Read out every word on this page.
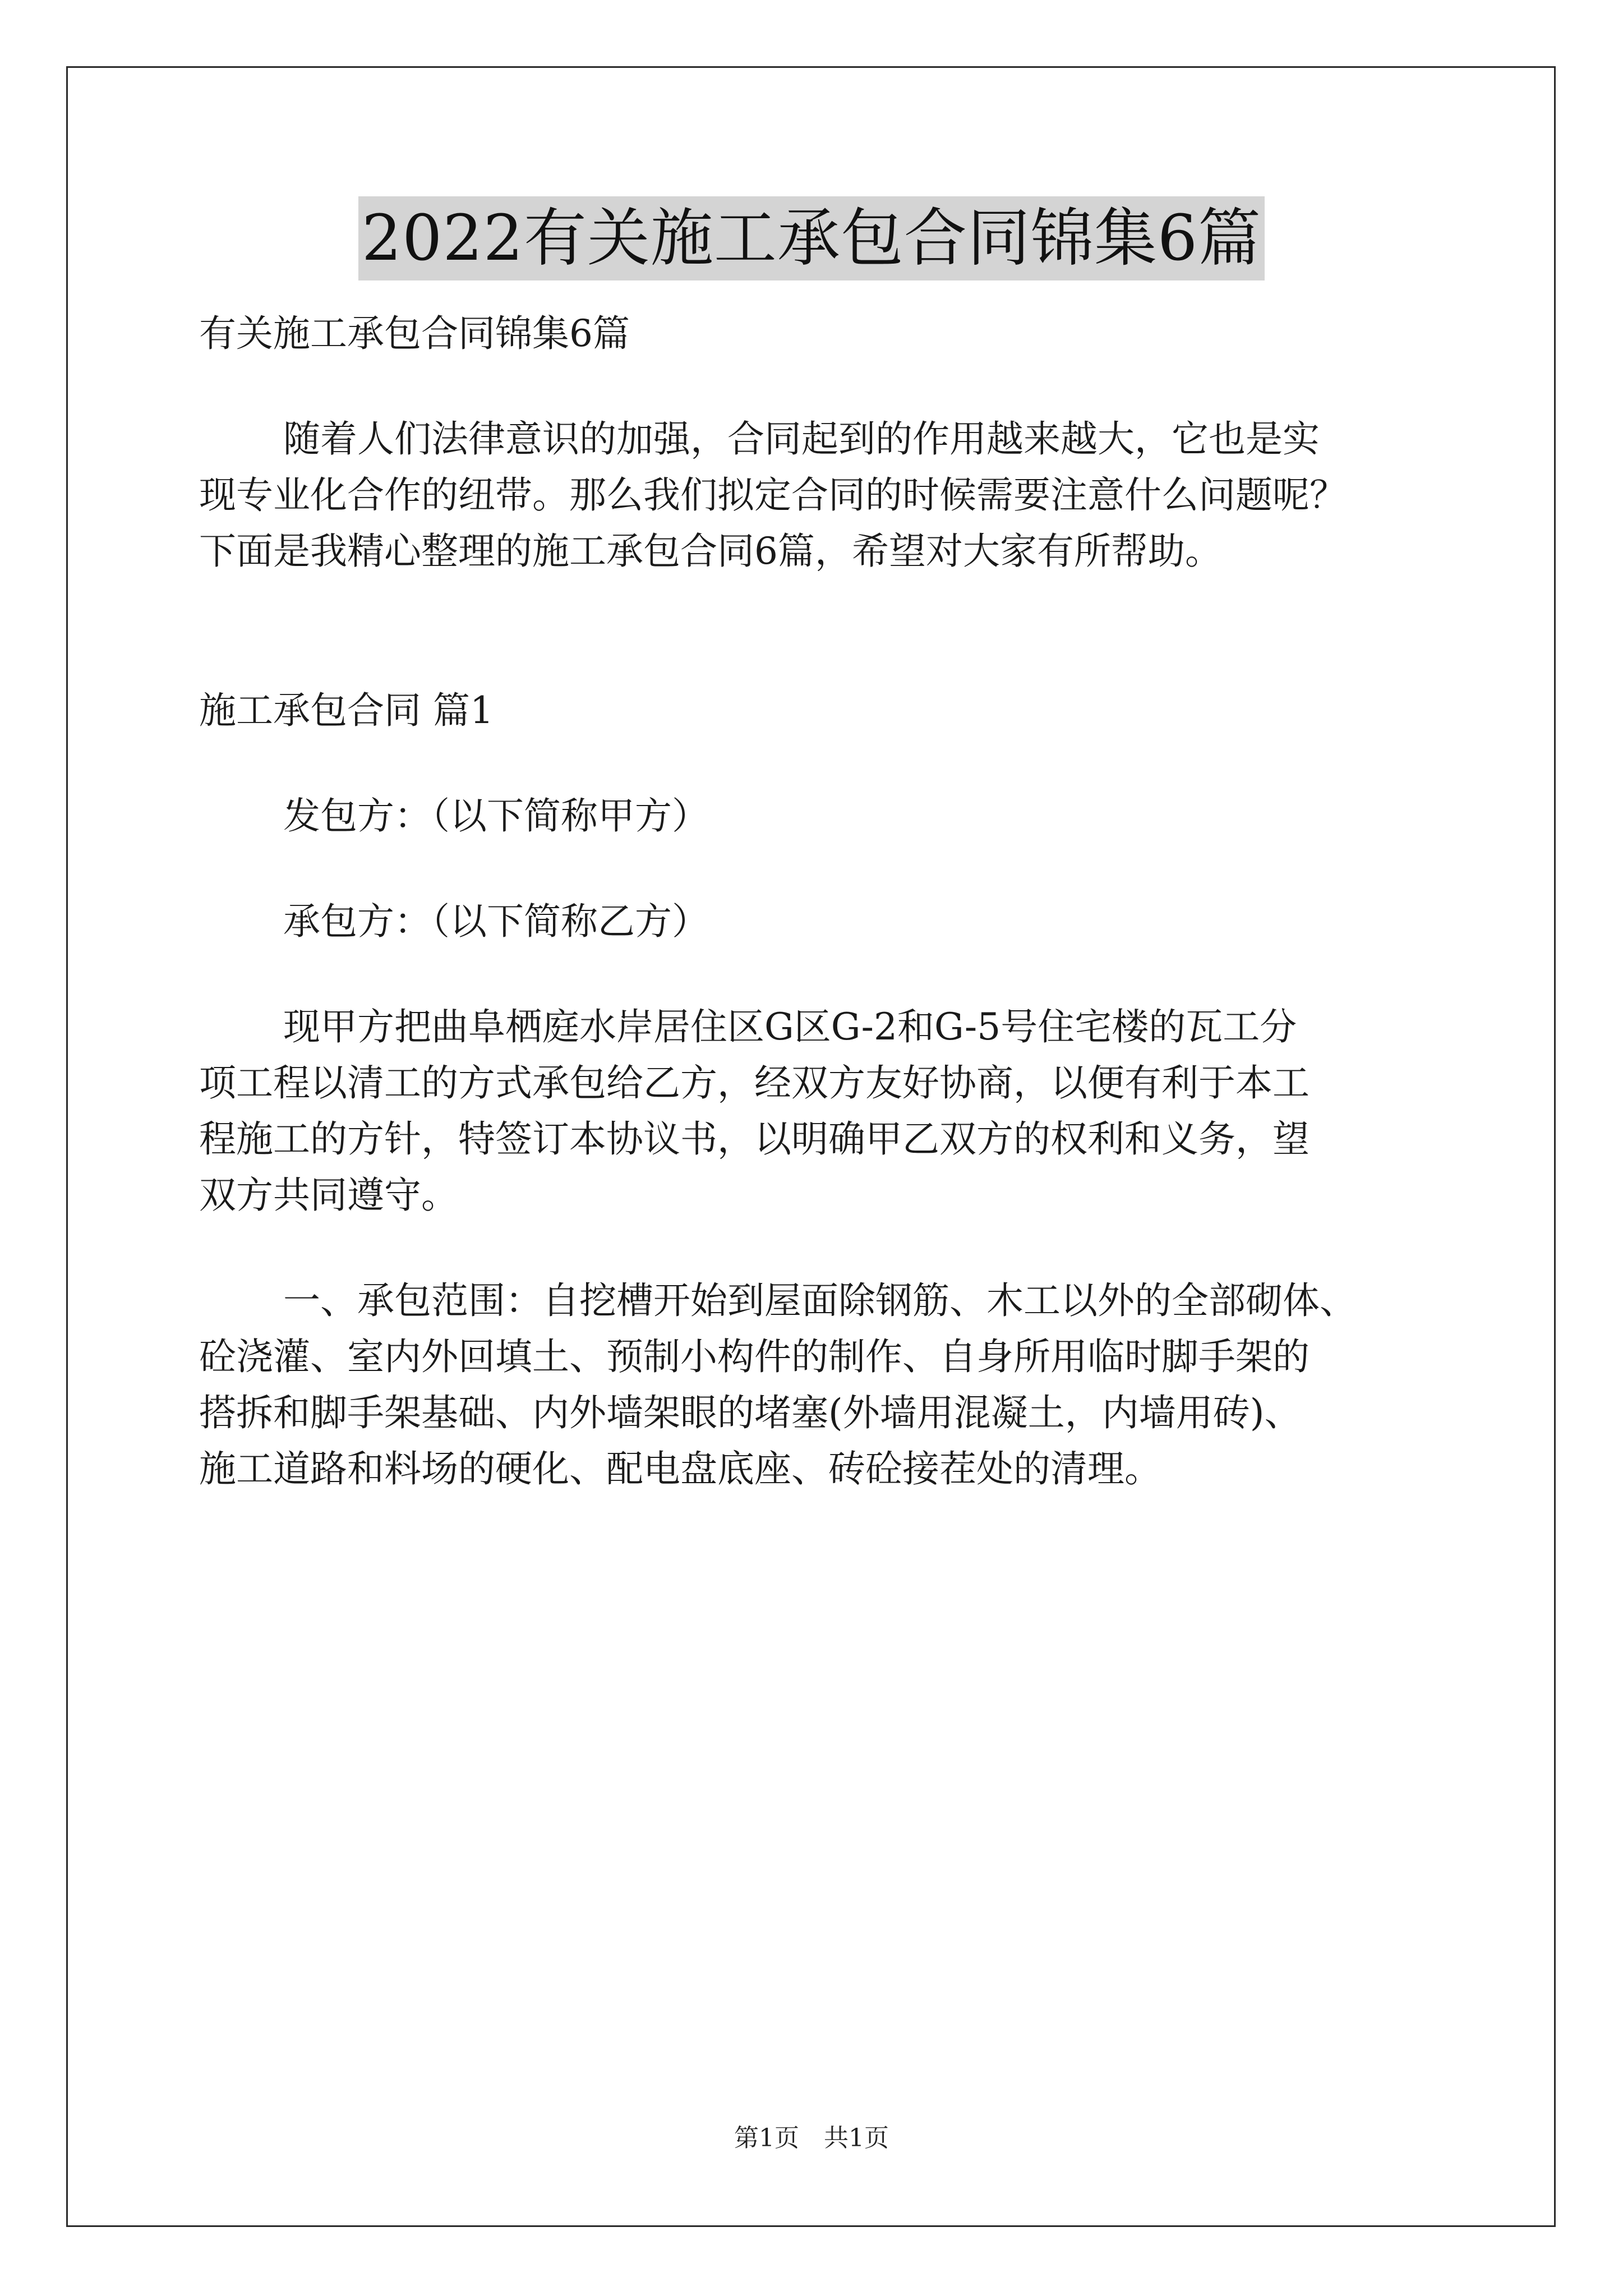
2022有关施工承包合同锦集6篇

有关施工承包合同锦集6篇

随着人们法律意识的加强，合同起到的作用越来越大，它也是实
现专业化合作的纽带。那么我们拟定合同的时候需要注意什么问题呢？
下面是我精心整理的施工承包合同6篇，希望对大家有所帮助。

施工承包合同 篇1

发包方：（以下简称甲方）

承包方：（以下简称乙方）

现甲方把曲阜栖庭水岸居住区G区G-2和G-5号住宅楼的瓦工分
项工程以清工的方式承包给乙方，经双方友好协商，以便有利于本工
程施工的方针，特签订本协议书，以明确甲乙双方的权利和义务，望
双方共同遵守。

一、承包范围：自挖槽开始到屋面除钢筋、木工以外的全部砌体、
砼浇灌、室内外回填土、预制小构件的制作、自身所用临时脚手架的
搭拆和脚手架基础、内外墙架眼的堵塞(外墙用混凝土，内墙用砖)、
施工道路和料场的硬化、配电盘底座、砖砼接茬处的清理。

第1页 共1页
